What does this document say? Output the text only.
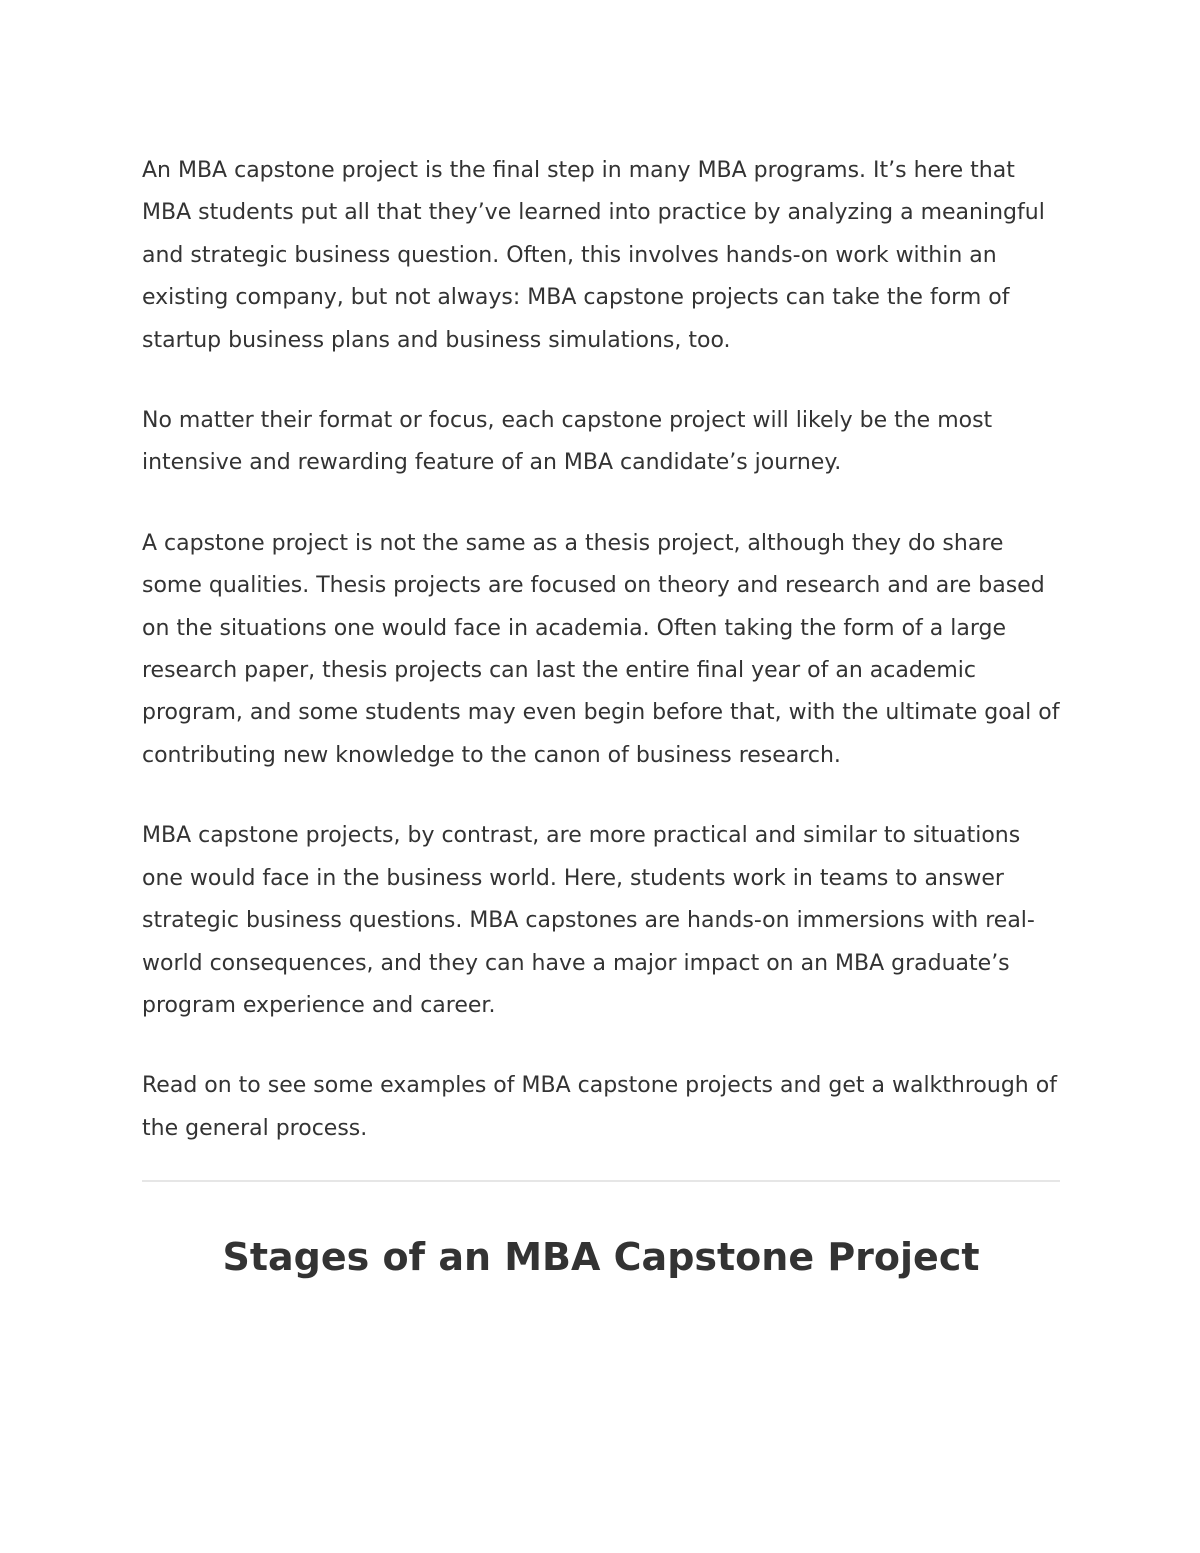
An MBA capstone project is the final step in many MBA programs. It’s here that MBA students put all that they’ve learned into practice by analyzing a meaningful and strategic business question. Often, this involves hands-on work within an existing company, but not always: MBA capstone projects can take the form of startup business plans and business simulations, too.

No matter their format or focus, each capstone project will likely be the most intensive and rewarding feature of an MBA candidate’s journey.

A capstone project is not the same as a thesis project, although they do share some qualities. Thesis projects are focused on theory and research and are based on the situations one would face in academia. Often taking the form of a large research paper, thesis projects can last the entire final year of an academic program, and some students may even begin before that, with the ultimate goal of contributing new knowledge to the canon of business research.

MBA capstone projects, by contrast, are more practical and similar to situations one would face in the business world. Here, students work in teams to answer strategic business questions. MBA capstones are hands-on immersions with real-world consequences, and they can have a major impact on an MBA graduate’s program experience and career.

Read on to see some examples of MBA capstone projects and get a walkthrough of the general process.

Stages of an MBA Capstone Project
